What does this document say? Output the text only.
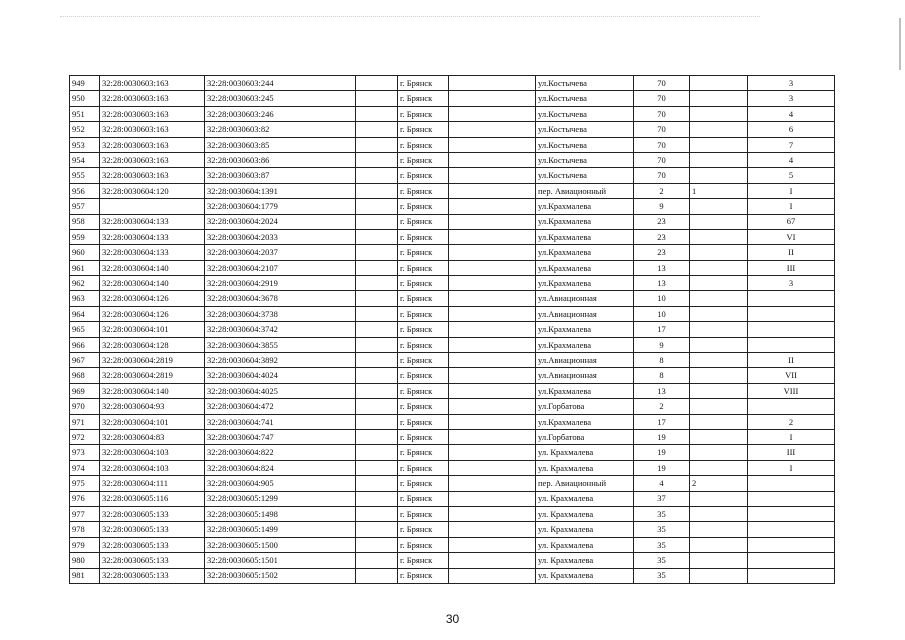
949	32:28:0030603:163	32:28:0030603:244		г. Брянск		ул.Костычева	70		3
950	32:28:0030603:163	32:28:0030603:245		г. Брянск		ул.Костычева	70		3
951	32:28:0030603:163	32:28:0030603:246		г. Брянск		ул.Костычева	70		4
952	32:28:0030603:163	32:28:0030603:82		г. Брянск		ул.Костычева	70		6
953	32:28:0030603:163	32:28:0030603:85		г. Брянск		ул.Костычева	70		7
954	32:28:0030603:163	32:28:0030603:86		г. Брянск		ул.Костычева	70		4
955	32:28:0030603:163	32:28:0030603:87		г. Брянск		ул.Костычева	70		5
956	32:28:0030604:120	32:28:0030604:1391		г. Брянск		пер. Авиационный	2	1	I
957		32:28:0030604:1779		г. Брянск		ул.Крахмалева	9		I
958	32:28:0030604:133	32:28:0030604:2024		г. Брянск		ул.Крахмалева	23		67
959	32:28:0030604:133	32:28:0030604:2033		г. Брянск		ул.Крахмалева	23		VI
960	32:28:0030604:133	32:28:0030604:2037		г. Брянск		ул.Крахмалева	23		II
961	32:28:0030604:140	32:28:0030604:2107		г. Брянск		ул.Крахмалева	13		III
962	32:28:0030604:140	32:28:0030604:2919		г. Брянск		ул.Крахмалева	13		3
963	32:28:0030604:126	32:28:0030604:3678		г. Брянск		ул.Авиационная	10		
964	32:28:0030604:126	32:28:0030604:3738		г. Брянск		ул.Авиационная	10		
965	32:28:0030604:101	32:28:0030604:3742		г. Брянск		ул.Крахмалева	17		
966	32:28:0030604:128	32:28:0030604:3855		г. Брянск		ул.Крахмалева	9		
967	32:28:0030604:2819	32:28:0030604:3892		г. Брянск		ул.Авиационная	8		II
968	32:28:0030604:2819	32:28:0030604:4024		г. Брянск		ул.Авиационная	8		VII
969	32:28:0030604:140	32:28:0030604:4025		г. Брянск		ул.Крахмалева	13		VIII
970	32:28:0030604:93	32:28:0030604:472		г. Брянск		ул.Горбатова	2		
971	32:28:0030604:101	32:28:0030604:741		г. Брянск		ул.Крахмалева	17		2
972	32:28:0030604:83	32:28:0030604:747		г. Брянск		ул.Горбатова	19		I
973	32:28:0030604:103	32:28:0030604:822		г. Брянск		ул. Крахмалева	19		III
974	32:28:0030604:103	32:28:0030604:824		г. Брянск		ул. Крахмалева	19		I
975	32:28:0030604:111	32:28:0030604:905		г. Брянск		пер. Авиационный	4	2	
976	32:28:0030605:116	32:28:0030605:1299		г. Брянск		ул. Крахмалева	37		
977	32:28:0030605:133	32:28:0030605:1498		г. Брянск		ул. Крахмалева	35		
978	32:28:0030605:133	32:28:0030605:1499		г. Брянск		ул. Крахмалева	35		
979	32:28:0030605:133	32:28:0030605:1500		г. Брянск		ул. Крахмалева	35		
980	32:28:0030605:133	32:28:0030605:1501		г. Брянск		ул. Крахмалева	35		
981	32:28:0030605:133	32:28:0030605:1502		г. Брянск		ул. Крахмалева	35		
30
